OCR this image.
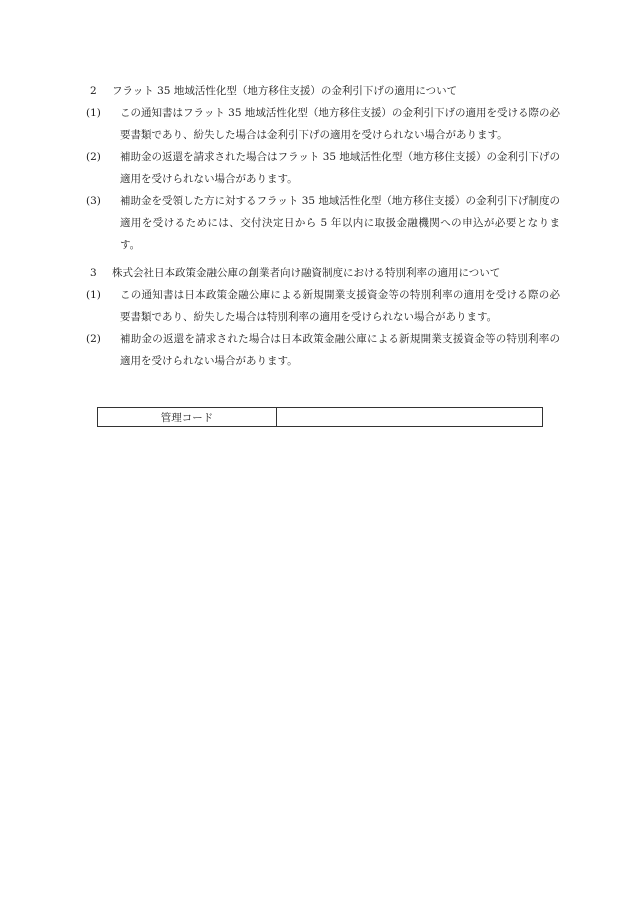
2	フラット 35 地域活性化型（地方移住支援）の金利引下げの適用について
(1)	この通知書はフラット 35 地域活性化型（地方移住支援）の金利引下げの適用を受ける際の必要書類であり、紛失した場合は金利引下げの適用を受けられない場合があります。
(2)	補助金の返還を請求された場合はフラット 35 地域活性化型（地方移住支援）の金利引下げの適用を受けられない場合があります。
(3)	補助金を受領した方に対するフラット 35 地域活性化型（地方移住支援）の金利引下げ制度の適用を受けるためには、交付決定日から 5 年以内に取扱金融機関への申込が必要となります。
3	株式会社日本政策金融公庫の創業者向け融資制度における特別利率の適用について
(1)	この通知書は日本政策金融公庫による新規開業支援資金等の特別利率の適用を受ける際の必要書類であり、紛失した場合は特別利率の適用を受けられない場合があります。
(2)	補助金の返還を請求された場合は日本政策金融公庫による新規開業支援資金等の特別利率の適用を受けられない場合があります。
管理コード
